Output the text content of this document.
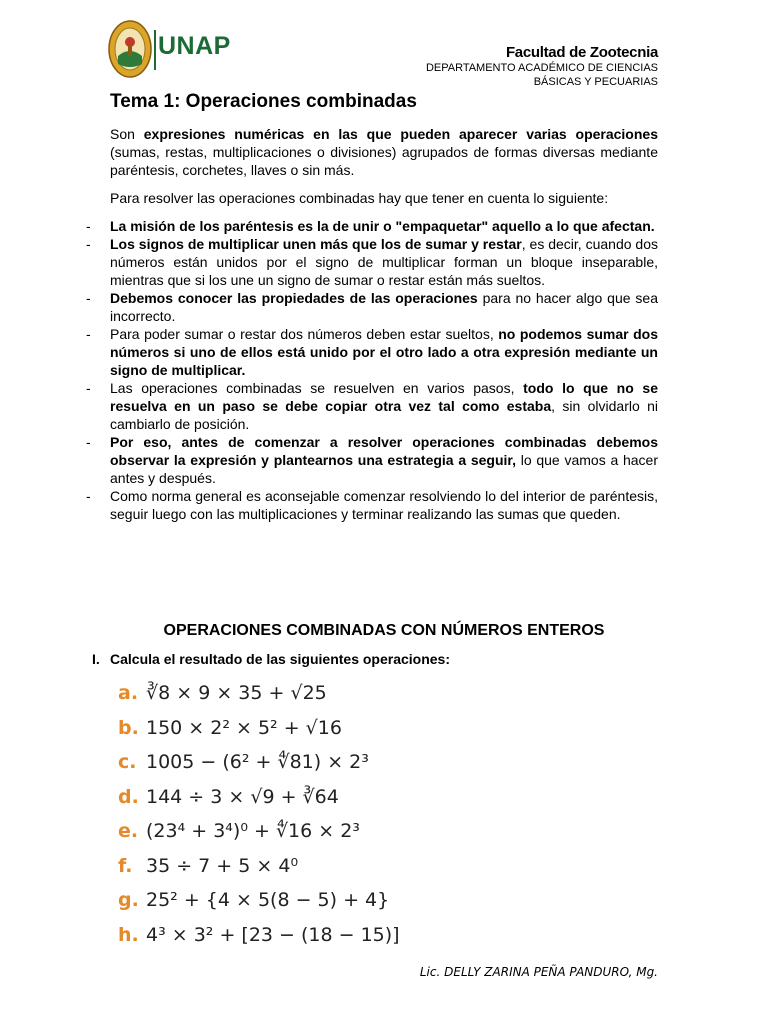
UNAP	Facultad de Zootecnia
DEPARTAMENTO ACADÉMICO DE CIENCIAS
BÁSICAS Y PECUARIAS
Tema 1: Operaciones combinadas

Son expresiones numéricas en las que pueden aparecer varias operaciones (sumas, restas, multiplicaciones o divisiones) agrupados de formas diversas mediante paréntesis, corchetes, llaves o sin más.

Para resolver las operaciones combinadas hay que tener en cuenta lo siguiente:

- La misión de los paréntesis es la de unir o "empaquetar" aquello a lo que afectan.
- Los signos de multiplicar unen más que los de sumar y restar, es decir, cuando dos números están unidos por el signo de multiplicar forman un bloque inseparable, mientras que si los une un signo de sumar o restar están más sueltos.
- Debemos conocer las propiedades de las operaciones para no hacer algo que sea incorrecto.
- Para poder sumar o restar dos números deben estar sueltos, no podemos sumar dos números si uno de ellos está unido por el otro lado a otra expresión mediante un signo de multiplicar.
- Las operaciones combinadas se resuelven en varios pasos, todo lo que no se resuelva en un paso se debe copiar otra vez tal como estaba, sin olvidarlo ni cambiarlo de posición.
- Por eso, antes de comenzar a resolver operaciones combinadas debemos observar la expresión y plantearnos una estrategia a seguir, lo que vamos a hacer antes y después.
- Como norma general es aconsejable comenzar resolviendo lo del interior de paréntesis, seguir luego con las multiplicaciones y terminar realizando las sumas que queden.
OPERACIONES COMBINADAS CON NÚMEROS ENTEROS
I. Calcula el resultado de las siguientes operaciones:
a. ∛8 × 9 × 35 + √25
b. 150 × 2² × 5² + √16
c. 1005 − (6² + ∜81) × 2³
d. 144 ÷ 3 × √9 + ∛64
e. (23⁴ + 3⁴)⁰ + ∜16 × 2³
f. 35 ÷ 7 + 5 × 4⁰
g. 25² + {4 × 5(8 − 5) + 4}
h. 4³ × 3² + [23 − (18 − 15)]
Lic. DELLY ZARINA PEÑA PANDURO, Mg.
